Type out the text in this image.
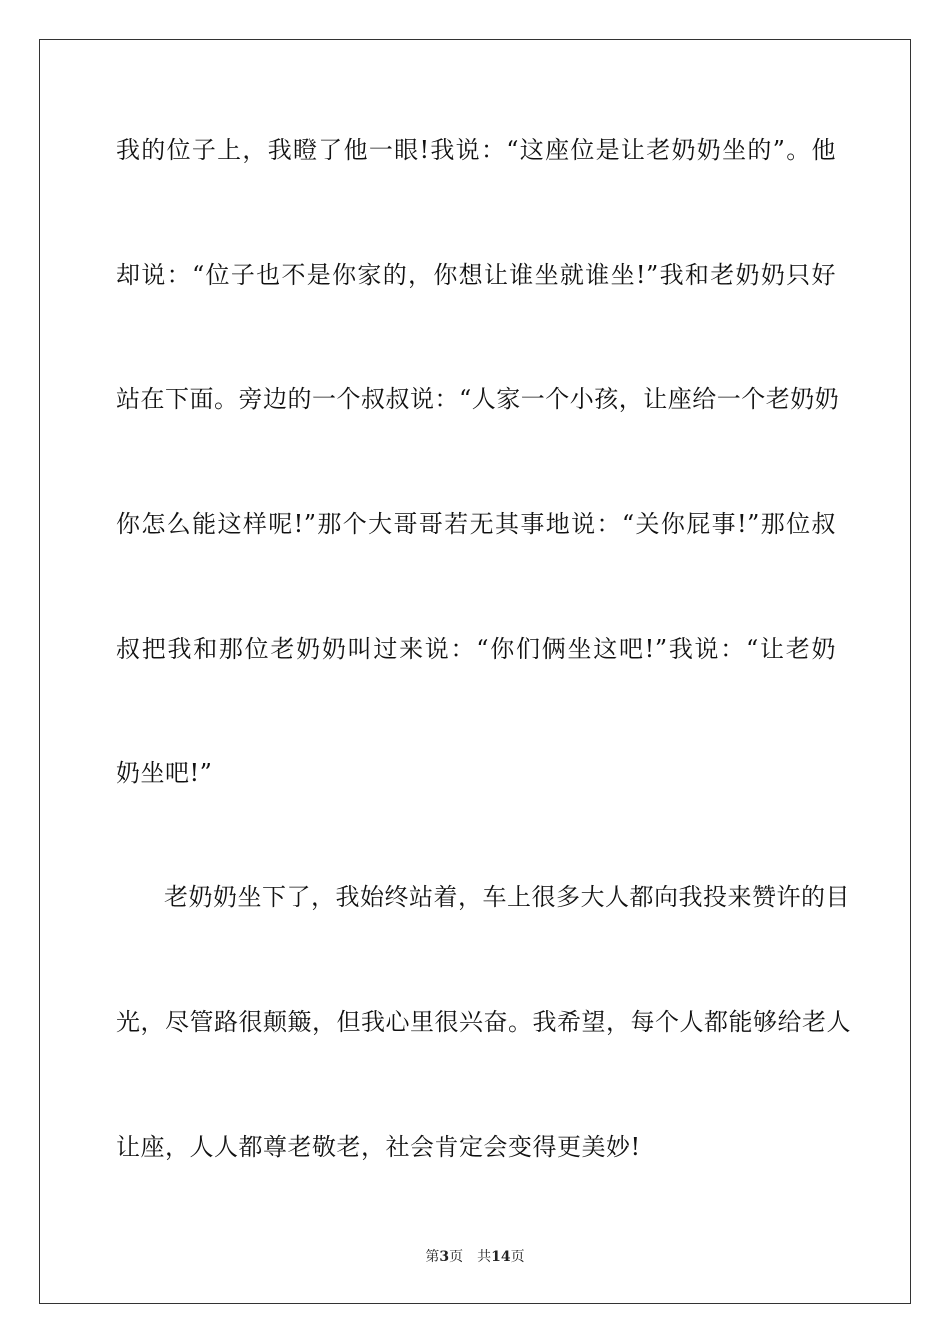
我的位子上，我瞪了他一眼!我说：“这座位是让老奶奶坐的”。他
却说：“位子也不是你家的，你想让谁坐就谁坐!”我和老奶奶只好
站在下面。旁边的一个叔叔说：“人家一个小孩，让座给一个老奶奶
你怎么能这样呢!”那个大哥哥若无其事地说：“关你屁事!”那位叔
叔把我和那位老奶奶叫过来说：“你们俩坐这吧!”我说：“让老奶
奶坐吧!”
老奶奶坐下了，我始终站着，车上很多大人都向我投来赞许的目
光，尽管路很颠簸，但我心里很兴奋。我希望，每个人都能够给老人
让座，人人都尊老敬老，社会肯定会变得更美妙!
第3页 共14页
